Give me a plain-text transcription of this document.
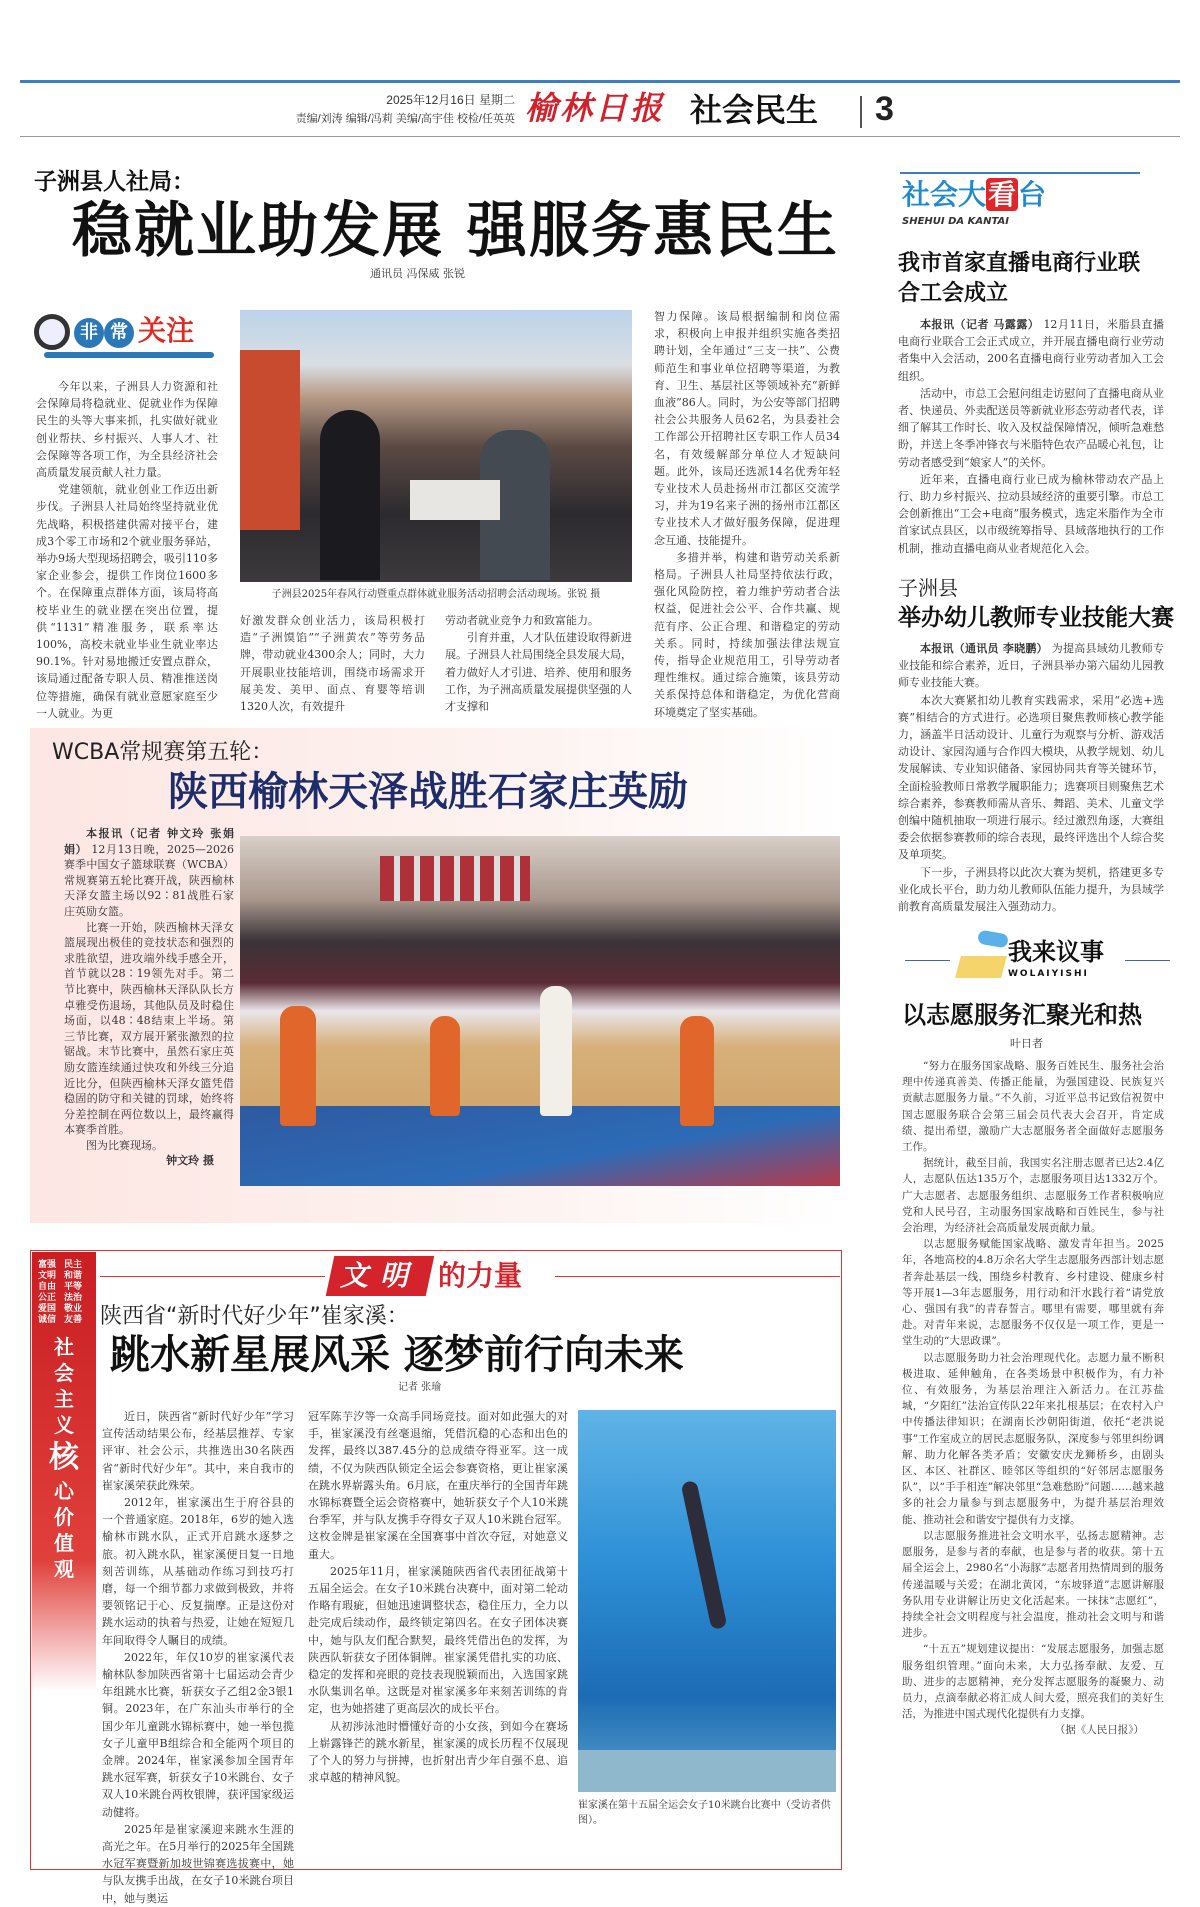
2025年12月16日 星期二
责编/刘涛 编辑/冯莉 美编/高宇佳 校检/任英英 榆林日报 社会民生 3
子洲县人社局：
稳就业助发展 强服务惠民生
通讯员 冯保威 张锐
非 常 关注

今年以来，子洲县人力资源和社会保障局将稳就业、促就业作为保障民生的头等大事来抓，扎实做好就业创业帮扶、乡村振兴、人事人才、社会保障等各项工作，为全县经济社会高质量发展贡献人社力量。

党建领航，就业创业工作迈出新步伐。子洲县人社局始终坚持就业优先战略，积极搭建供需对接平台，建成3个零工市场和2个就业服务驿站，举办9场大型现场招聘会，吸引110多家企业参会，提供工作岗位1600多个。在保障重点群体方面，该局将高校毕业生的就业摆在突出位置，提供“1131”精准服务，联系率达100%，高校未就业毕业生就业率达90.1%。针对易地搬迁安置点群众，该局通过配备专职人员、精准推送岗位等措施，确保有就业意愿家庭至少一人就业。为更

子洲县2025年春风行动暨重点群体就业服务活动招聘会活动现场。张锐 摄
好激发群众创业活力，该局积极打造“子洲馍馅”“子洲黄农”等劳务品牌，带动就业4300余人；同时，大力开展职业技能培训，围绕市场需求开展美发、美甲、面点、育婴等培训1320人次，有效提升
劳动者就业竞争力和致富能力。

引育并重，人才队伍建设取得新进展。子洲县人社局围绕全县发展大局，着力做好人才引进、培养、使用和服务工作，为子洲高质量发展提供坚强的人才支撑和

智力保障。该局根据编制和岗位需求，积极向上申报并组织实施各类招聘计划，全年通过“三支一扶”、公费师范生和事业单位招聘等渠道，为教育、卫生、基层社区等领域补充“新鲜血液”86人。同时，为公安等部门招聘社会公共服务人员62名，为县委社会工作部公开招聘社区专职工作人员34名，有效缓解部分单位人才短缺问题。此外，该局还选派14名优秀年轻专业技术人员赴扬州市江都区交流学习，并为19名来子洲的扬州市江都区专业技术人才做好服务保障，促进理念互通、技能提升。

多措并举，构建和谐劳动关系新格局。子洲县人社局坚持依法行政，强化风险防控，着力维护劳动者合法权益，促进社会公平、合作共赢、规范有序、公正合理、和谐稳定的劳动关系。同时，持续加强法律法规宣传，指导企业规范用工，引导劳动者理性维权。通过综合施策，该县劳动关系保持总体和谐稳定，为优化营商环境奠定了坚实基础。

WCBA常规赛第五轮：
陕西榆林天泽战胜石家庄英励
本报讯（记者 钟文玲 张娟娟） 12月13日晚，2025—2026赛季中国女子篮球联赛（WCBA）常规赛第五轮比赛开战，陕西榆林天泽女篮主场以92∶81战胜石家庄英励女篮。

比赛一开始，陕西榆林天泽女篮展现出极佳的竞技状态和强烈的求胜欲望，进攻端外线手感全开，首节就以28∶19领先对手。第二节比赛中，陕西榆林天泽队队长方卓雅受伤退场，其他队员及时稳住场面，以48∶48结束上半场。第三节比赛，双方展开紧张激烈的拉锯战。末节比赛中，虽然石家庄英励女篮连续通过快攻和外线三分追近比分，但陕西榆林天泽女篮凭借稳固的防守和关键的罚球，始终将分差控制在两位数以上，最终赢得本赛季首胜。

图为比赛现场。

钟文玲 摄
富强 民主
文明 和谐
自由 平等
公正 法治
爱国 敬业
诚信 友善
社
会
主
义
核
心
价
值
观
文明 的力量
陕西省“新时代好少年”崔家溪：
跳水新星展风采 逐梦前行向未来
记者 张瑜

近日，陕西省“新时代好少年”学习宣传活动结果公布，经基层推荐、专家评审、社会公示，共推选出30名陕西省“新时代好少年”。其中，来自我市的崔家溪荣获此殊荣。

2012年，崔家溪出生于府谷县的一个普通家庭。2018年，6岁的她入选榆林市跳水队，正式开启跳水逐梦之旅。初入跳水队，崔家溪便日复一日地刻苦训练，从基础动作练习到技巧打磨，每一个细节都力求做到极致，并将要领铭记于心、反复揣摩。正是这份对跳水运动的执着与热爱，让她在短短几年间取得令人瞩目的成绩。

2022年，年仅10岁的崔家溪代表榆林队参加陕西省第十七届运动会青少年组跳水比赛，斩获女子乙组2金3银1铜。2023年，在广东汕头市举行的全国少年儿童跳水锦标赛中，她一举包揽女子儿童甲B组综合和全能两个项目的金牌。2024年，崔家溪参加全国青年跳水冠军赛，斩获女子10米跳台、女子双人10米跳台两枚银牌，获评国家级运动健将。

2025年是崔家溪迎来跳水生涯的高光之年。在5月举行的2025年全国跳水冠军赛暨新加坡世锦赛选拔赛中，她与队友携手出战，在女子10米跳台项目中，她与奥运

冠军陈芋汐等一众高手同场竞技。面对如此强大的对手，崔家溪没有丝毫退缩，凭借沉稳的心态和出色的发挥，最终以387.45分的总成绩夺得亚军。这一成绩，不仅为陕西队锁定全运会参赛资格，更让崔家溪在跳水界崭露头角。6月底，在重庆举行的全国青年跳水锦标赛暨全运会资格赛中，她斩获女子个人10米跳台季军，并与队友携手夺得女子双人10米跳台冠军。这枚金牌是崔家溪在全国赛事中首次夺冠，对她意义重大。

2025年11月，崔家溪随陕西省代表团征战第十五届全运会。在女子10米跳台决赛中，面对第二轮动作略有瑕疵，但她迅速调整状态，稳住压力，全力以赴完成后续动作，最终锁定第四名。在女子团体决赛中，她与队友们配合默契，最终凭借出色的发挥，为陕西队斩获女子团体铜牌。崔家溪凭借扎实的功底、稳定的发挥和亮眼的竞技表现脱颖而出，入选国家跳水队集训名单。这既是对崔家溪多年来刻苦训练的肯定，也为她搭建了更高层次的成长平台。

从初涉泳池时懵懂好奇的小女孩，到如今在赛场上崭露锋芒的跳水新星，崔家溪的成长历程不仅展现了个人的努力与拼搏，也折射出青少年自强不息、追求卓越的精神风貌。

崔家溪在第十五届全运会女子10米跳台比赛中（受访者供图）。
社会大看台
SHEHUI DA KANTAI
我市首家直播电商行业联合工会成立
本报讯（记者 马露露） 12月11日，米脂县直播电商行业联合工会正式成立，并开展直播电商行业劳动者集中入会活动，200名直播电商行业劳动者加入工会组织。

活动中，市总工会慰问组走访慰问了直播电商从业者、快递员、外卖配送员等新就业形态劳动者代表，详细了解其工作时长、收入及权益保障情况，倾听急难愁盼，并送上冬季冲锋衣与米脂特色农产品暖心礼包，让劳动者感受到“娘家人”的关怀。

近年来，直播电商行业已成为榆林带动农产品上行、助力乡村振兴、拉动县域经济的重要引擎。市总工会创新推出“工会+电商”服务模式，选定米脂作为全市首家试点县区，以市级统筹指导、县域落地执行的工作机制，推动直播电商从业者规范化入会。

子洲县
举办幼儿教师专业技能大赛
本报讯（通讯员 李晓鹏） 为提高县域幼儿教师专业技能和综合素养，近日，子洲县举办第六届幼儿园教师专业技能大赛。

本次大赛紧扣幼儿教育实践需求，采用“必选+选赛”相结合的方式进行。必选项目聚焦教师核心教学能力，涵盖半日活动设计、儿童行为观察与分析、游戏活动设计、家园沟通与合作四大模块，从教学规划、幼儿发展解读、专业知识储备、家园协同共育等关键环节，全面检验教师日常教学履职能力；选赛项目则聚焦艺术综合素养，参赛教师需从音乐、舞蹈、美术、儿童文学创编中随机抽取一项进行展示。经过激烈角逐，大赛组委会依据参赛教师的综合表现，最终评选出个人综合奖及单项奖。

下一步，子洲县将以此次大赛为契机，搭建更多专业化成长平台，助力幼儿教师队伍能力提升，为县域学前教育高质量发展注入强劲动力。

我来议事
WOLAIYISHI
以志愿服务汇聚光和热
叶日者

“努力在服务国家战略、服务百姓民生、服务社会治理中传递真善美、传播正能量，为强国建设、民族复兴贡献志愿服务力量。”不久前，习近平总书记致信祝贺中国志愿服务联合会第三届会员代表大会召开，肯定成绩、提出希望，激励广大志愿服务者全面做好志愿服务工作。

据统计，截至目前，我国实名注册志愿者已达2.4亿人，志愿队伍达135万个，志愿服务项目达1332万个。广大志愿者、志愿服务组织、志愿服务工作者积极响应党和人民号召，主动服务国家战略和百姓民生，参与社会治理，为经济社会高质量发展贡献力量。

以志愿服务赋能国家战略、激发青年担当。2025年，各地高校的4.8万余名大学生志愿服务西部计划志愿者奔赴基层一线，围绕乡村教育、乡村建设、健康乡村等开展1—3年志愿服务，用行动和汗水践行着“请党放心、强国有我”的青春誓言。哪里有需要，哪里就有奔赴。对青年来说，志愿服务不仅仅是一项工作，更是一堂生动的“大思政课”。

以志愿服务助力社会治理现代化。志愿力量不断积极进取、延伸触角，在各类场景中积极作为，有力补位、有效服务，为基层治理注入新活力。在江苏盐城，“夕阳红”法治宣传队22年来扎根基层；在农村入户中传播法律知识；在湖南长沙朝阳街道，依托“老洪说事”工作室成立的居民志愿服务队，深度参与邻里纠纷调解、助力化解各类矛盾；安徽安庆龙狮桥乡，由剧头区、本区、社群区、睦邻区等组织的“好邻居志愿服务队”，以“手手相连”解决邻里“急难愁盼”问题……越来越多的社会力量参与到志愿服务中，为提升基层治理效能、推动社会和谐安宁提供有力支撑。

以志愿服务推进社会文明水平，弘扬志愿精神。志愿服务，是参与者的奉献，也是参与者的收获。第十五届全运会上，2980名“小海豚”志愿者用热情周到的服务传递温暖与关爱；在湖北黄冈，“东坡驿道”志愿讲解服务队用专业讲解让历史文化活起来。一抹抹“志愿红”，持续全社会文明程度与社会温度，推动社会文明与和谐进步。

“十五五”规划建议提出：“发展志愿服务，加强志愿服务组织管理。”面向未来，大力弘扬奉献、友爱、互助、进步的志愿精神，充分发挥志愿服务的凝聚力、动员力，点滴奉献必将汇成人间大爱，照亮我们的美好生活，为推进中国式现代化提供有力支撑。

（据《人民日报》）
